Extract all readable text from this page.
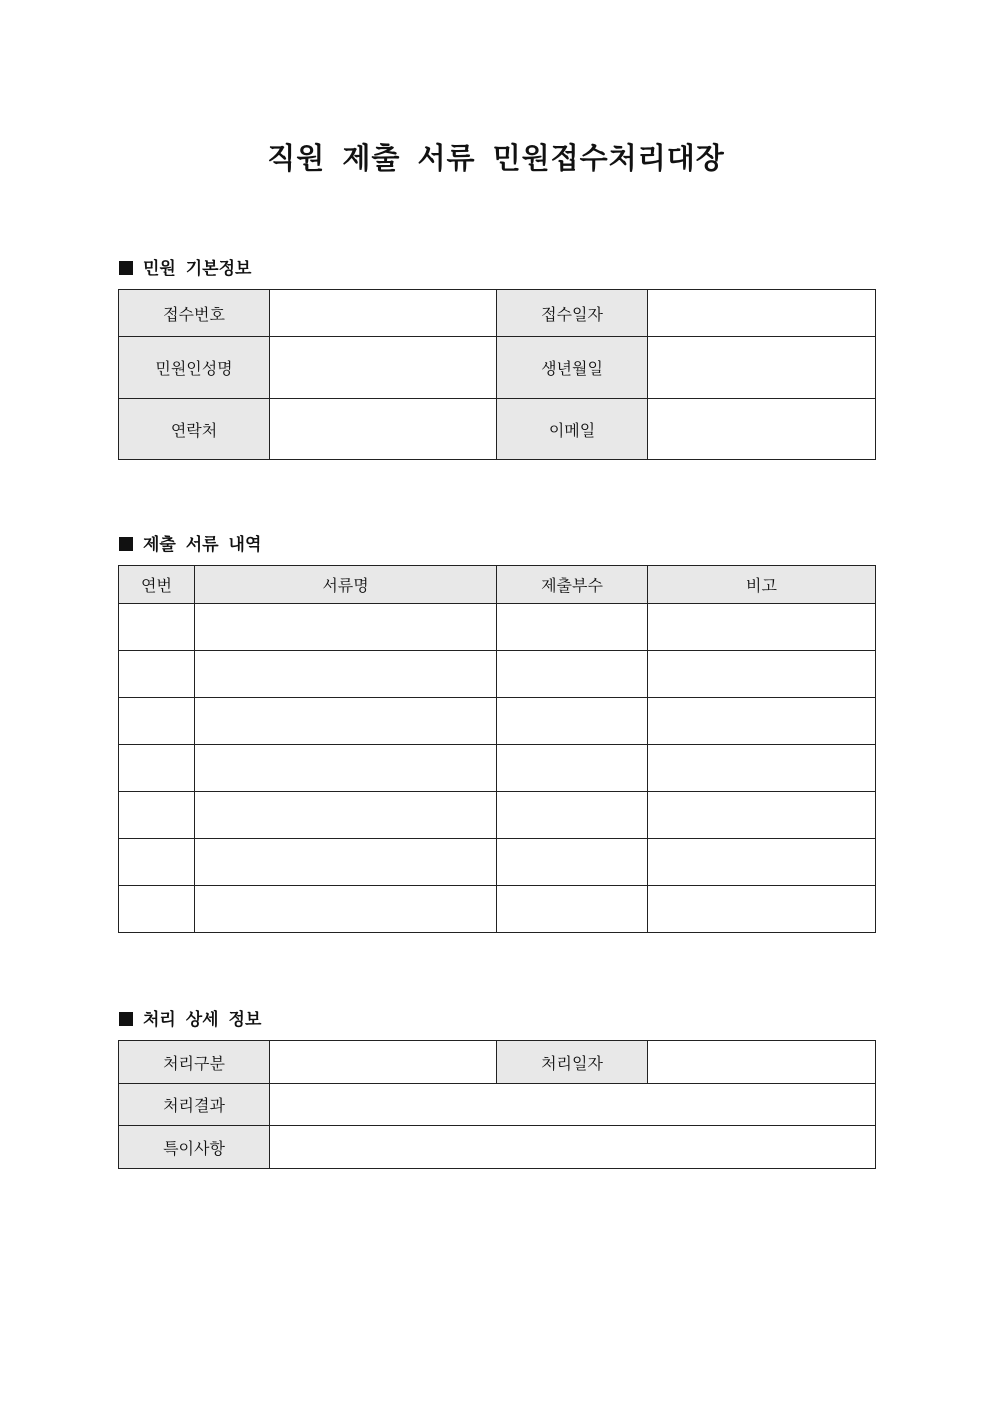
직원 제출 서류 민원접수처리대장
민원 기본정보
접수번호		접수일자	
민원인성명		생년월일	
연락처		이메일	
제출 서류 내역
연번	서류명	제출부수	비고

처리 상세 정보
처리구분		처리일자	
처리결과			
특이사항			
